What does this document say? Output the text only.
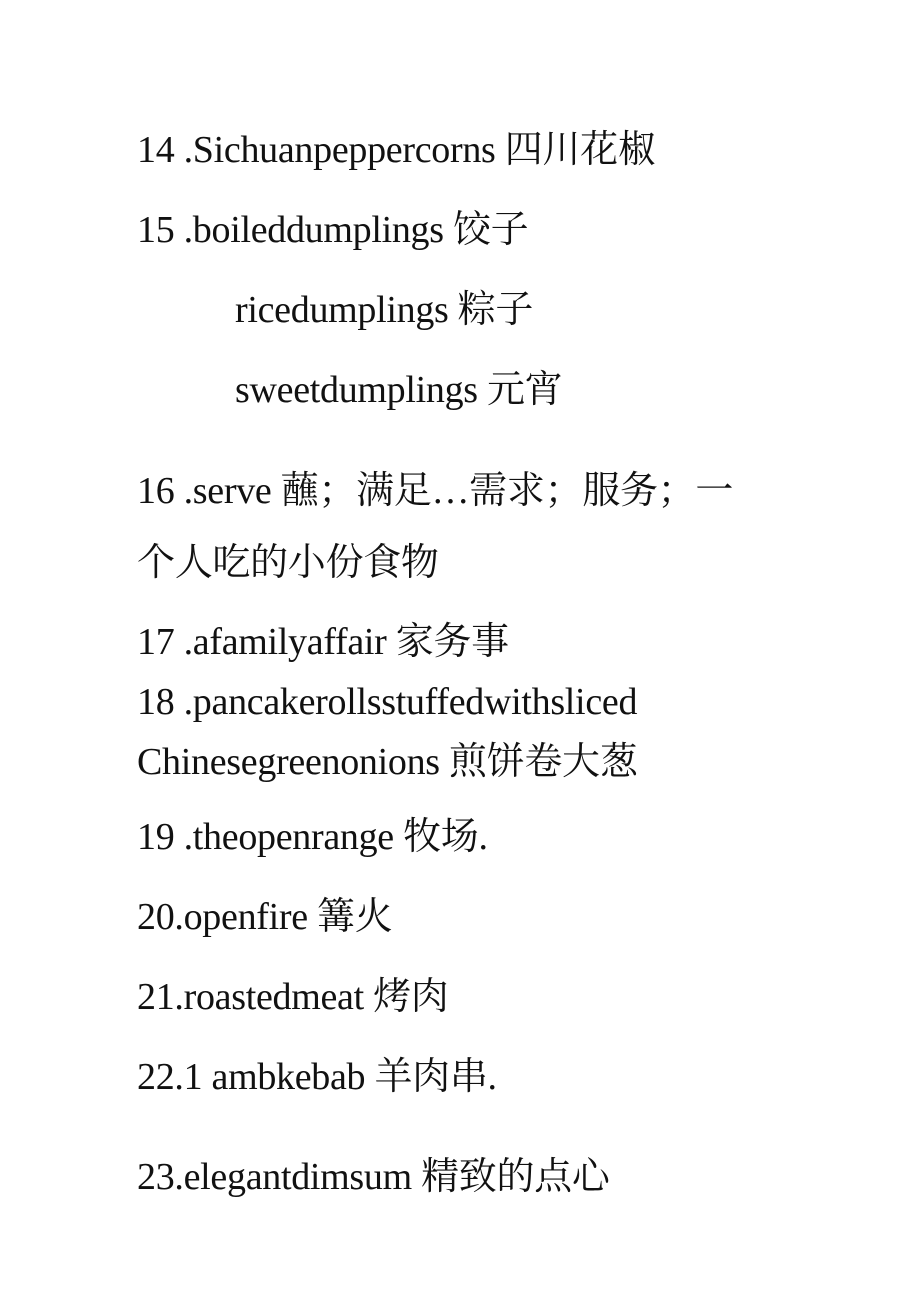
14 .Sichuanpeppercorns 四川花椒
15 .boileddumplings 饺子
ricedumplings 粽子
sweetdumplings 元宵
16 .serve 蘸；满足…需求；服务；一
个人吃的小份食物
17 .afamilyaffair 家务事
18 .pancakerollsstuffedwithsliced
Chinesegreenonions 煎饼卷大葱
19 .theopenrange 牧场.
20.openfire 篝火
21.roastedmeat 烤肉
22.1 ambkebab 羊肉串.
23.elegantdimsum 精致的点心
